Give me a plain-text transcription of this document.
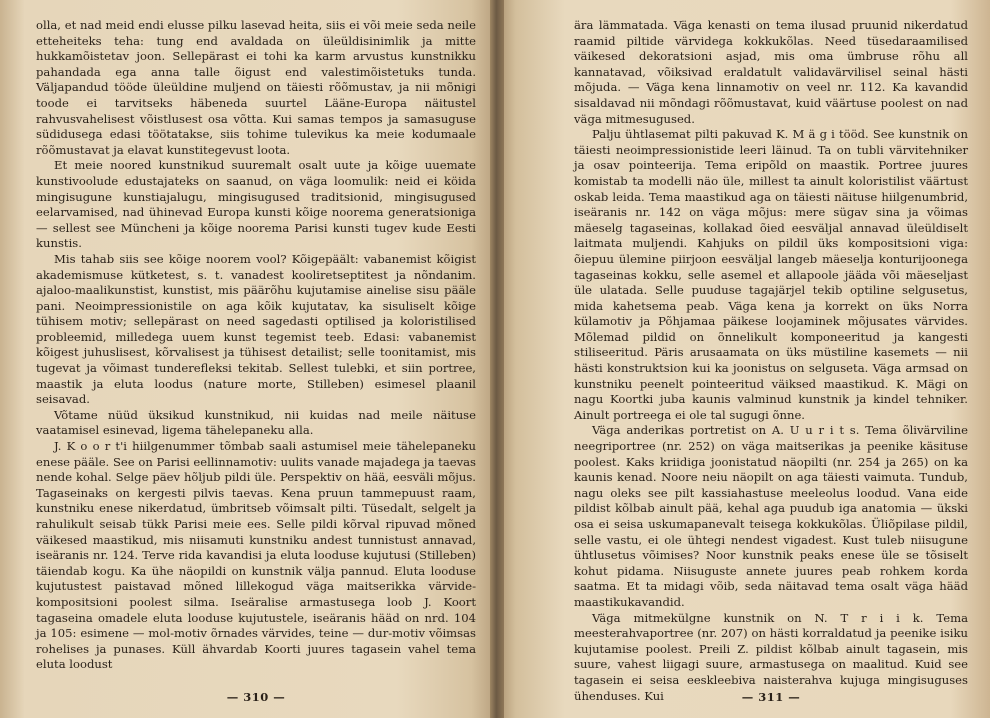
olla, et nad meid endi elusse pilku lasevad heita, siis ei või meie seda neile etteheiteks teha: tung end avaldada on üleüldisinimlik ja mitte hukkamõistetav joon. Sellepärast ei tohi ka karm arvustus kunstnikku pahandada ega anna talle õigust end valestimõistetuks tunda. Väljapandud tööde üleüldine muljend on täiesti rõõmustav, ja nii mõnigi toode ei tarvitseks häbeneda suurtel Lääne-Europa näitustel rahvusvahelisest võistlusest osa võtta. Kui samas tempos ja samasuguse südidusega edasi töötatakse, siis tohime tulevikus ka meie kodumaale rõõmustavat ja elavat kunstitegevust loota.

Et meie noored kunstnikud suuremalt osalt uute ja kõige uuemate kunstivoolude edustajateks on saanud, on väga loomulik: neid ei köida mingisugune kunstiajalugu, mingisugused traditsionid, mingisugused eelarvamised, nad ühinevad Europa kunsti kõige noorema generatsioniga — sellest see Müncheni ja kõige noorema Parisi kunsti tugev kude Eesti kunstis.

Mis tahab siis see kõige noorem vool? Kõigepäält: vabanemist kõigist akademismuse kütketest, s. t. vanadest kooliretseptitest ja nõndanim. ajaloo-maalikunstist, kunstist, mis päärõhu kujutamise ainelise sisu pääle pani. Neoimpressionistile on aga kõik kujutatav, ka sisuliselt kõige tühisem motiv; sellepärast on need sagedasti optilised ja koloristilised probleemid, milledega uuem kunst tegemist teeb. Edasi: vabanemist kõigest juhuslisest, kõrvalisest ja tühisest detailist; selle toonitamist, mis tugevat ja võimast tunderefleksi tekitab. Sellest tulebki, et siin portree, maastik ja eluta loodus (nature morte, Stilleben) esimesel plaanil seisavad.

Võtame nüüd üksikud kunstnikud, nii kuidas nad meile näituse vaatamisel esinevad, ligema tähelepaneku alla.

J. K o o r t'i hiilgenummer tõmbab saali astumisel meie tähelepaneku enese pääle. See on Parisi eellinnamotiv: uulits vanade majadega ja taevas nende kohal. Selge päev hõljub pildi üle. Perspektiv on hää, eesväli mõjus. Tagaseinaks on kergesti pilvis taevas. Kena pruun tammepuust raam, kunstniku enese nikerdatud, ümbritseb võimsalt pilti. Tüsedalt, selgelt ja rahulikult seisab tükk Parisi meie ees. Selle pildi kõrval ripuvad mõned väikesed maastikud, mis niisamuti kunstniku andest tunnistust annavad, iseäranis nr. 124. Terve rida kavandisi ja eluta looduse kujutusi (Stilleben) täiendab kogu. Ka ühe näopildi on kunstnik välja pannud. Eluta looduse kujutustest paistavad mõned lillekogud väga maitserikka värvide-kompositsioni poolest silma. Iseäralise armastusega loob J. Koort tagaseina omadele eluta looduse kujutustele, iseäranis hääd on nrd. 104 ja 105: esimene — mol-motiv õrnades värvides, teine — dur-motiv võimsas rohelises ja punases. Küll ähvardab Koorti juures tagasein vahel tema eluta loodust

— 310 —

ära lämmatada. Väga kenasti on tema ilusad pruunid nikerdatud raamid piltide värvidega kokkukõlas. Need tüsedaraamilised väikesed dekoratsioni asjad, mis oma ümbruse rõhu all kannatavad, võiksivad eraldatult validavärvilisel seinal hästi mõjuda. — Väga kena linnamotiv on veel nr. 112. Ka kavandid sisaldavad nii mõndagi rõõmustavat, kuid väärtuse poolest on nad väga mitmesugused.

Palju ühtlasemat pilti pakuvad K. M ä g i tööd. See kunstnik on täiesti neoimpressionistide leeri läinud. Ta on tubli värvitehniker ja osav pointeerija. Tema eripõld on maastik. Portree juures komistab ta modelli näo üle, millest ta ainult koloristilist väärtust oskab leida. Tema maastikud aga on täiesti näituse hiilgenumbrid, iseäranis nr. 142 on väga mõjus: mere sügav sina ja võimas mäeselg tagaseinas, kollakad õied eesväljal annavad üleüldiselt laitmata muljendi. Kahjuks on pildil üks kompositsioni viga: õiepuu ülemine piirjoon eesväljal langeb mäeselja konturijoonega tagaseinas kokku, selle asemel et allapoole jääda või mäeseljast üle ulatada. Selle puuduse tagajärjel tekib optiline selgusetus, mida kahetsema peab. Väga kena ja korrekt on üks Norra külamotiv ja Põhjamaa päikese loojaminek mõjusates värvides. Mõlemad pildid on õnnelikult komponeeritud ja kangesti stiliseeritud. Päris arusaamata on üks müstiline kasemets — nii hästi konstruktsion kui ka joonistus on selguseta. Väga armsad on kunstniku peenelt pointeeritud väiksed maastikud. K. Mägi on nagu Koortki juba kaunis valminud kunstnik ja kindel tehniker. Ainult portreega ei ole tal sugugi õnne.

Väga anderikas portretist on A. U u r i t s. Tema õlivärviline neegriportree (nr. 252) on väga maitserikas ja peenike käsituse poolest. Kaks kriidiga joonistatud näopilti (nr. 254 ja 265) on ka kaunis kenad. Noore neiu näopilt on aga täiesti vaimuta. Tundub, nagu oleks see pilt kassiahastuse meeleolus loodud. Vana eide pildist kõlbab ainult pää, kehal aga puudub iga anatomia — ükski osa ei seisa uskumapanevalt teisega kokkukõlas. Üliõpilase pildil, selle vastu, ei ole ühtegi nendest vigadest. Kust tuleb niisugune ühtlusetus võimises? Noor kunstnik peaks enese üle se tõsiselt kohut pidama. Niisuguste annete juures peab rohkem korda saatma. Et ta midagi võib, seda näitavad tema osalt väga hääd maastikukavandid.

Väga mitmekülgne kunstnik on N. T r i i k. Tema meesterahvaportree (nr. 207) on hästi korraldatud ja peenike isiku kujutamise poolest. Preili Z. pildist kõlbab ainult tagasein, mis suure, vahest liigagi suure, armastusega on maalitud. Kuid see tagasein ei seisa eeskleebiva naisterahva kujuga mingisuguses ühenduses. Kui	— 311 —
